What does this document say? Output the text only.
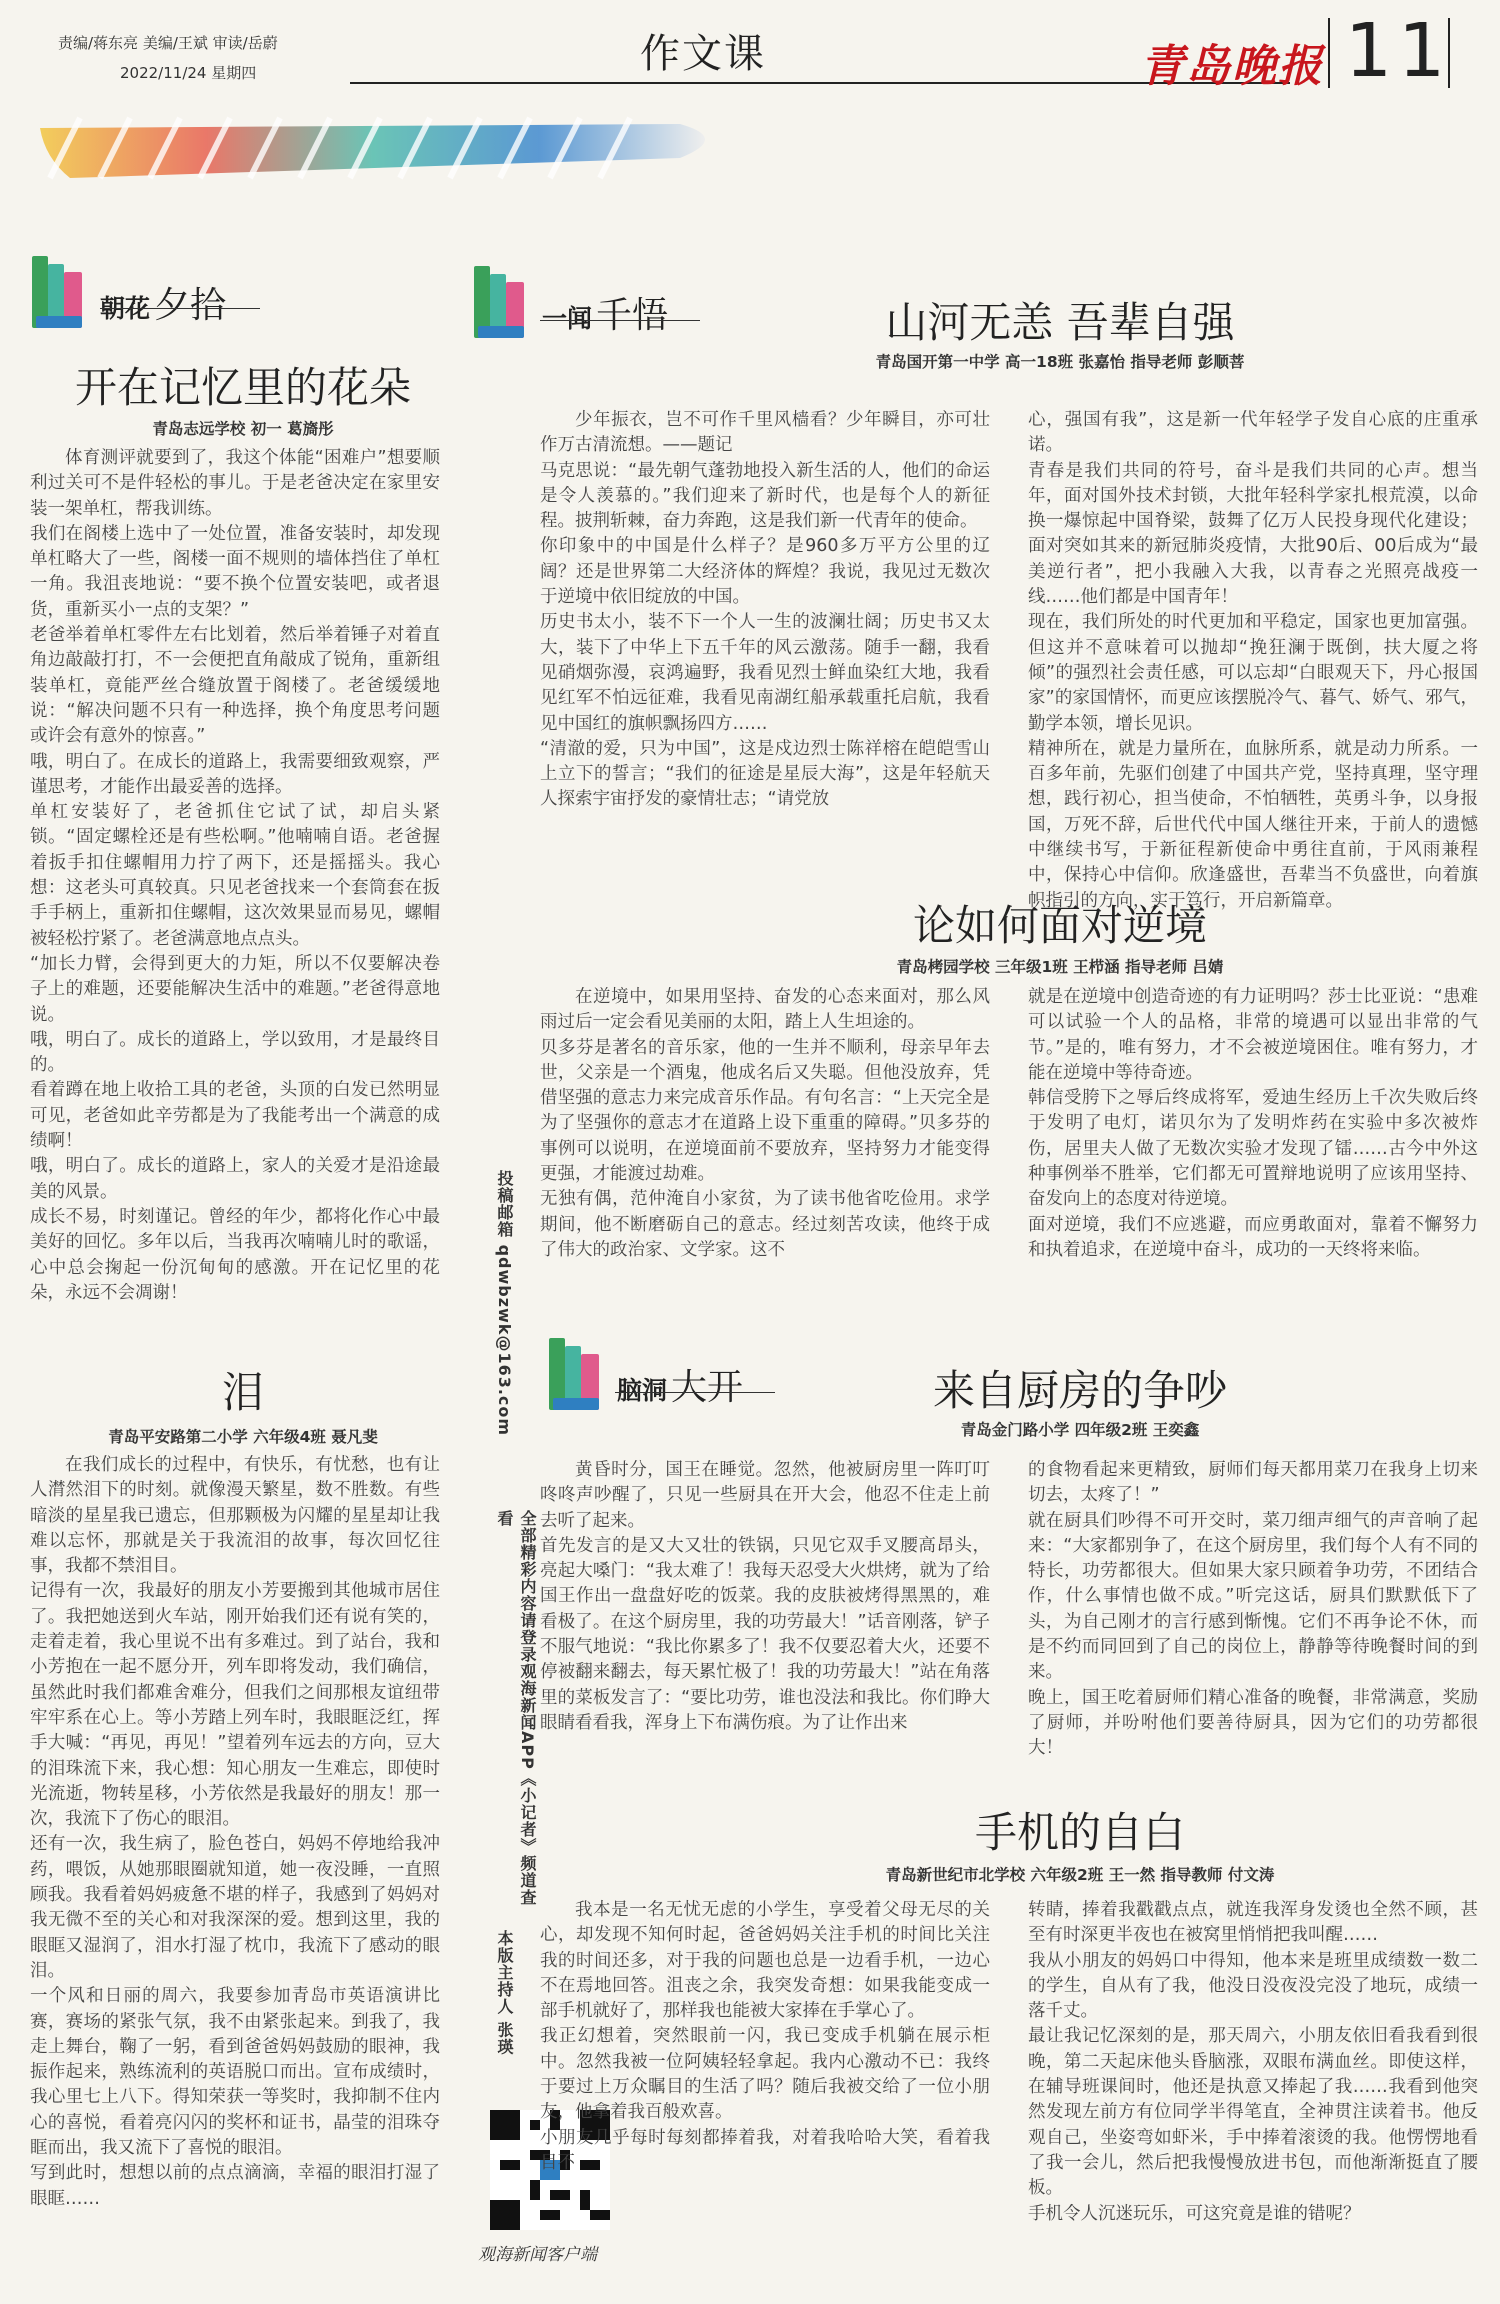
责编/蒋东亮 美编/王斌 审读/岳蔚
2022/11/24 星期四	作文课	青岛晚报 11
朝花 夕拾
开在记忆里的花朵
青岛志远学校 初一 葛旖彤
体育测评就要到了，我这个体能“困难户”想要顺利过关可不是件轻松的事儿。于是老爸决定在家里安装一架单杠，帮我训练。
我们在阁楼上选中了一处位置，准备安装时，却发现单杠略大了一些，阁楼一面不规则的墙体挡住了单杠一角。我沮丧地说：“要不换个位置安装吧，或者退货，重新买小一点的支架？”
老爸举着单杠零件左右比划着，然后举着锤子对着直角边敲敲打打，不一会便把直角敲成了锐角，重新组装单杠，竟能严丝合缝放置于阁楼了。老爸缓缓地说：“解决问题不只有一种选择，换个角度思考问题或许会有意外的惊喜。”
哦，明白了。在成长的道路上，我需要细致观察，严谨思考，才能作出最妥善的选择。
单杠安装好了，老爸抓住它试了试，却启头紧锁。“固定螺栓还是有些松啊。”他喃喃自语。老爸握着扳手扣住螺帽用力拧了两下，还是摇摇头。我心想：这老头可真较真。只见老爸找来一个套筒套在扳手手柄上，重新扣住螺帽，这次效果显而易见，螺帽被轻松拧紧了。老爸满意地点点头。
“加长力臂，会得到更大的力矩，所以不仅要解决卷子上的难题，还要能解决生活中的难题。”老爸得意地说。
哦，明白了。成长的道路上，学以致用，才是最终目的。
看着蹲在地上收拾工具的老爸，头顶的白发已然明显可见，老爸如此辛劳都是为了我能考出一个满意的成绩啊！
哦，明白了。成长的道路上，家人的关爱才是沿途最美的风景。
成长不易，时刻谨记。曾经的年少，都将化作心中最美好的回忆。多年以后，当我再次喃喃儿时的歌谣，心中总会掬起一份沉甸甸的感激。开在记忆里的花朵，永远不会凋谢！
泪
青岛平安路第二小学 六年级4班 聂凡斐
在我们成长的过程中，有快乐，有忧愁，也有让人潸然泪下的时刻。就像漫天繁星，数不胜数。有些暗淡的星星我已遗忘，但那颗极为闪耀的星星却让我难以忘怀，那就是关于我流泪的故事，每次回忆往事，我都不禁泪目。
记得有一次，我最好的朋友小芳要搬到其他城市居住了。我把她送到火车站，刚开始我们还有说有笑的，走着走着，我心里说不出有多难过。到了站台，我和小芳抱在一起不愿分开，列车即将发动，我们确信，虽然此时我们都难舍难分，但我们之间那根友谊纽带牢牢系在心上。等小芳踏上列车时，我眼眶泛红，挥手大喊：“再见，再见！”望着列车远去的方向，豆大的泪珠流下来，我心想：知心朋友一生难忘，即使时光流逝，物转星移，小芳依然是我最好的朋友！那一次，我流下了伤心的眼泪。
还有一次，我生病了，脸色苍白，妈妈不停地给我冲药，喂饭，从她那眼圈就知道，她一夜没睡，一直照顾我。我看着妈妈疲惫不堪的样子，我感到了妈妈对我无微不至的关心和对我深深的爱。想到这里，我的眼眶又湿润了，泪水打湿了枕巾，我流下了感动的眼泪。
一个风和日丽的周六，我要参加青岛市英语演讲比赛，赛场的紧张气氛，我不由紧张起来。到我了，我走上舞台，鞠了一躬，看到爸爸妈妈鼓励的眼神，我振作起来，熟练流利的英语脱口而出。宣布成绩时，我心里七上八下。得知荣获一等奖时，我抑制不住内心的喜悦，看着亮闪闪的奖杯和证书，晶莹的泪珠夺眶而出，我又流下了喜悦的眼泪。
写到此时，想想以前的点点滴滴，幸福的眼泪打湿了眼眶……
投稿邮箱 qdwbzwk@163.com
全部精彩内容请登录观海新闻APP《小记者》频道查看
本版主持人 张瑛
观海新闻客户端
一闻 千悟	山河无恙 吾辈自强
青岛国开第一中学 高一18班 张嘉怡 指导老师 彭顺菩
少年振衣，岂不可作千里风樯看？少年瞬目，亦可壮作万古清流想。——题记
马克思说：“最先朝气蓬勃地投入新生活的人，他们的命运是令人羡慕的。”我们迎来了新时代，也是每个人的新征程。披荆斩棘，奋力奔跑，这是我们新一代青年的使命。
你印象中的中国是什么样子？是960多万平方公里的辽阔？还是世界第二大经济体的辉煌？我说，我见过无数次于逆境中依旧绽放的中国。
历史书太小，装不下一个人一生的波澜壮阔；历史书又太大，装下了中华上下五千年的风云激荡。随手一翻，我看见硝烟弥漫，哀鸿遍野，我看见烈士鲜血染红大地，我看见红军不怕远征难，我看见南湖红船承载重托启航，我看见中国红的旗帜飘扬四方……
“清澈的爱，只为中国”，这是戍边烈士陈祥榕在皑皑雪山上立下的誓言；“我们的征途是星辰大海”，这是年轻航天人探索宇宙抒发的豪情壮志；“请党放
心，强国有我”，这是新一代年轻学子发自心底的庄重承诺。
青春是我们共同的符号，奋斗是我们共同的心声。想当年，面对国外技术封锁，大批年轻科学家扎根荒漠，以命换一爆惊起中国脊梁，鼓舞了亿万人民投身现代化建设；面对突如其来的新冠肺炎疫情，大批90后、00后成为“最美逆行者”，把小我融入大我，以青春之光照亮战疫一线……他们都是中国青年！
现在，我们所处的时代更加和平稳定，国家也更加富强。但这并不意味着可以抛却“挽狂澜于既倒，扶大厦之将倾”的强烈社会责任感，可以忘却“白眼观天下，丹心报国家”的家国情怀，而更应该摆脱冷气、暮气、娇气、邪气，勤学本领，增长见识。
精神所在，就是力量所在，血脉所系，就是动力所系。一百多年前，先驱们创建了中国共产党，坚持真理，坚守理想，践行初心，担当使命，不怕牺牲，英勇斗争，以身报国，万死不辞，后世代代中国人继往开来，于前人的遗憾中继续书写，于新征程新使命中勇往直前，于风雨兼程中，保持心中信仰。欣逢盛世，吾辈当不负盛世，向着旗帜指引的方向，实干笃行，开启新篇章。
论如何面对逆境
青岛栲园学校 三年级1班 王栉涵 指导老师 吕婧
在逆境中，如果用坚持、奋发的心态来面对，那么风雨过后一定会看见美丽的太阳，踏上人生坦途的。
贝多芬是著名的音乐家，他的一生并不顺利，母亲早年去世，父亲是一个酒鬼，他成名后又失聪。但他没放弃，凭借坚强的意志力来完成音乐作品。有句名言：“上天完全是为了坚强你的意志才在道路上设下重重的障碍。”贝多芬的事例可以说明，在逆境面前不要放弃，坚持努力才能变得更强，才能渡过劫难。
无独有偶，范仲淹自小家贫，为了读书他省吃俭用。求学期间，他不断磨砺自己的意志。经过刻苦攻读，他终于成了伟大的政治家、文学家。这不
就是在逆境中创造奇迹的有力证明吗？莎士比亚说：“患难可以试验一个人的品格，非常的境遇可以显出非常的气节。”是的，唯有努力，才不会被逆境困住。唯有努力，才能在逆境中等待奇迹。
韩信受胯下之辱后终成将军，爱迪生经历上千次失败后终于发明了电灯，诺贝尔为了发明炸药在实验中多次被炸伤，居里夫人做了无数次实验才发现了镭……古今中外这种事例举不胜举，它们都无可置辩地说明了应该用坚持、奋发向上的态度对待逆境。
面对逆境，我们不应逃避，而应勇敢面对，靠着不懈努力和执着追求，在逆境中奋斗，成功的一天终将来临。
脑洞 大开	来自厨房的争吵
青岛金门路小学 四年级2班 王奕鑫
黄昏时分，国王在睡觉。忽然，他被厨房里一阵叮叮咚咚声吵醒了，只见一些厨具在开大会，他忍不住走上前去听了起来。
首先发言的是又大又壮的铁锅，只见它双手叉腰高昂头，亮起大嗓门：“我太难了！我每天忍受大火烘烤，就为了给国王作出一盘盘好吃的饭菜。我的皮肤被烤得黑黑的，难看极了。在这个厨房里，我的功劳最大！”话音刚落，铲子不服气地说：“我比你累多了！我不仅要忍着大火，还要不停被翻来翻去，每天累忙极了！我的功劳最大！”站在角落里的菜板发言了：“要比功劳，谁也没法和我比。你们睁大眼睛看看我，浑身上下布满伤痕。为了让作出来
的食物看起来更精致，厨师们每天都用菜刀在我身上切来切去，太疼了！”
就在厨具们吵得不可开交时，菜刀细声细气的声音响了起来：“大家都别争了，在这个厨房里，我们每个人有不同的特长，功劳都很大。但如果大家只顾着争功劳，不团结合作，什么事情也做不成。”听完这话，厨具们默默低下了头，为自己刚才的言行感到惭愧。它们不再争论不休，而是不约而同回到了自己的岗位上，静静等待晚餐时间的到来。
晚上，国王吃着厨师们精心准备的晚餐，非常满意，奖励了厨师，并吩咐他们要善待厨具，因为它们的功劳都很大！
手机的自白
青岛新世纪市北学校 六年级2班 王一然 指导教师 付文涛
我本是一名无忧无虑的小学生，享受着父母无尽的关心，却发现不知何时起，爸爸妈妈关注手机的时间比关注我的时间还多，对于我的问题也总是一边看手机，一边心不在焉地回答。沮丧之余，我突发奇想：如果我能变成一部手机就好了，那样我也能被大家捧在手掌心了。
我正幻想着，突然眼前一闪，我已变成手机躺在展示柜中。忽然我被一位阿姨轻轻拿起。我内心激动不已：我终于要过上万众瞩目的生活了吗？随后我被交给了一位小朋友，他拿着我百般欢喜。
小朋友几乎每时每刻都捧着我，对着我哈哈大笑，看着我目不
转睛，捧着我戳戳点点，就连我浑身发烫也全然不顾，甚至有时深更半夜也在被窝里悄悄把我叫醒……
我从小朋友的妈妈口中得知，他本来是班里成绩数一数二的学生，自从有了我，他没日没夜没完没了地玩，成绩一落千丈。
最让我记忆深刻的是，那天周六，小朋友依旧看我看到很晚，第二天起床他头昏脑涨，双眼布满血丝。即使这样，在辅导班课间时，他还是执意又捧起了我……我看到他突然发现左前方有位同学半得笔直，全神贯注读着书。他反观自己，坐姿弯如虾米，手中捧着滚烫的我。他愣愣地看了我一会儿，然后把我慢慢放进书包，而他渐渐挺直了腰板。
手机令人沉迷玩乐，可这究竟是谁的错呢？
